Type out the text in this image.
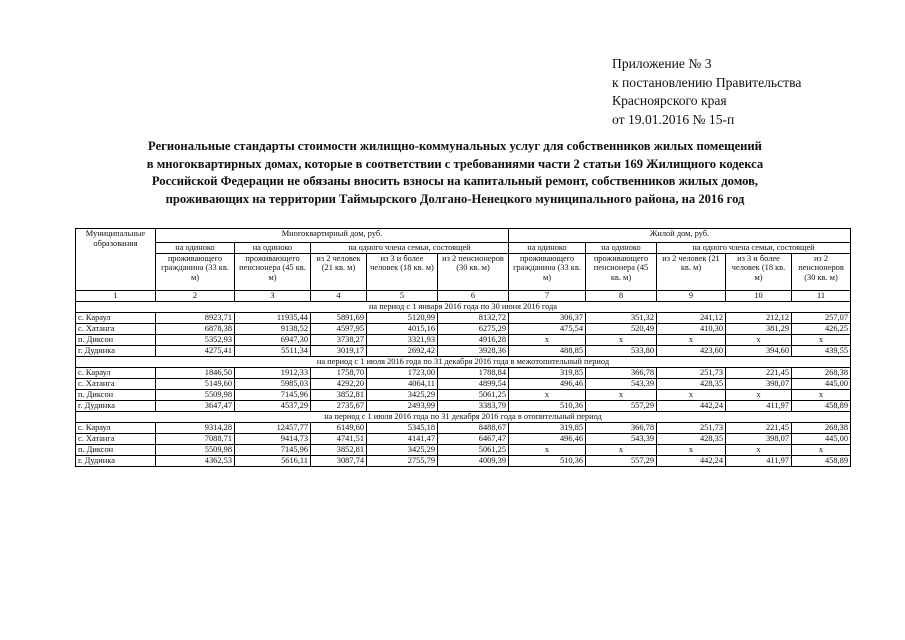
Приложение № 3
к постановлению Правительства
Красноярского края
от 19.01.2016 № 15-п
Региональные стандарты стоимости жилищно-коммунальных услуг для собственников жилых помещений
в многоквартирных домах, которые в соответствии с требованиями части 2 статьи 169 Жилищного кодекса
Российской Федерации не обязаны вносить взносы на капитальный ремонт, собственников жилых домов,
проживающих на территории Таймырского Долгано-Ненецкого муниципального района, на 2016 год
Муниципальные образования	Многоквартирный дом, руб.					Жилой дом, руб.				
	на одиноко	на одиноко	на одного члена семьи, состоящей			на одиноко	на одиноко	на одного члена семьи, состоящей		
	проживающего гражданина (33 кв. м)	проживающего пенсионера (45 кв. м)	из 2 человек (21 кв. м)	из 3 и более человек (18 кв. м)	из 2 пенсионеров (30 кв. м)	проживающего гражданина (33 кв. м)	проживающего пенсионера (45 кв. м)	из 2 человек (21 кв. м)	из 3 и более человек (18 кв. м)	из 2 пенсионеров (30 кв. м)
1	2	3	4	5	6	7	8	9	10	11
на период с 1 января 2016 года по 30 июня 2016 года										
с. Караул	8923,71	11935,44	5891,69	5120,99	8132,72	306,37	351,32	241,12	212,12	257,07
с. Хатанга	6878,38	9138,52	4597,95	4015,16	6275,29	475,54	520,49	410,30	381,29	426,25
п. Диксон	5352,93	6947,30	3738,27	3321,93	4916,28	х	х	х	х	х
г. Дудинка	4275,41	5511,34	3019,17	2692,42	3928,36	488,85	533,80	423,60	394,60	439,55
на период с 1 июля 2016 года по 31 декабря 2016 года в межотопительный период										
с. Караул	1846,50	1912,33	1758,70	1723,00	1788,84	319,85	366,78	251,73	221,45	268,38
с. Хатанга	5149,60	5985,03	4292,20	4064,11	4899,54	496,46	543,39	428,35	398,07	445,00
п. Диксон	5509,98	7145,96	3852,81	3425,29	5061,25	х	х	х	х	х
г. Дудинка	3647,47	4537,29	2735,67	2493,99	3383,79	510,36	557,29	442,24	411,97	458,89
на период с 1 июля 2016 года по 31 декабря 2016 года в отопительный период										
с. Караул	9314,28	12457,77	6149,60	5345,18	8488,67	319,85	366,78	251,73	221,45	268,38
с. Хатанга	7088,71	9414,73	4741,51	4141,47	6467,47	496,46	543,39	428,35	398,07	445,00
п. Диксон	5509,98	7145,96	3852,81	3425,29	5061,25	х	х	х	х	х
г. Дудинка	4362,53	5616,11	3087,74	2755,79	4009,39	510,36	557,29	442,24	411,97	458,89
